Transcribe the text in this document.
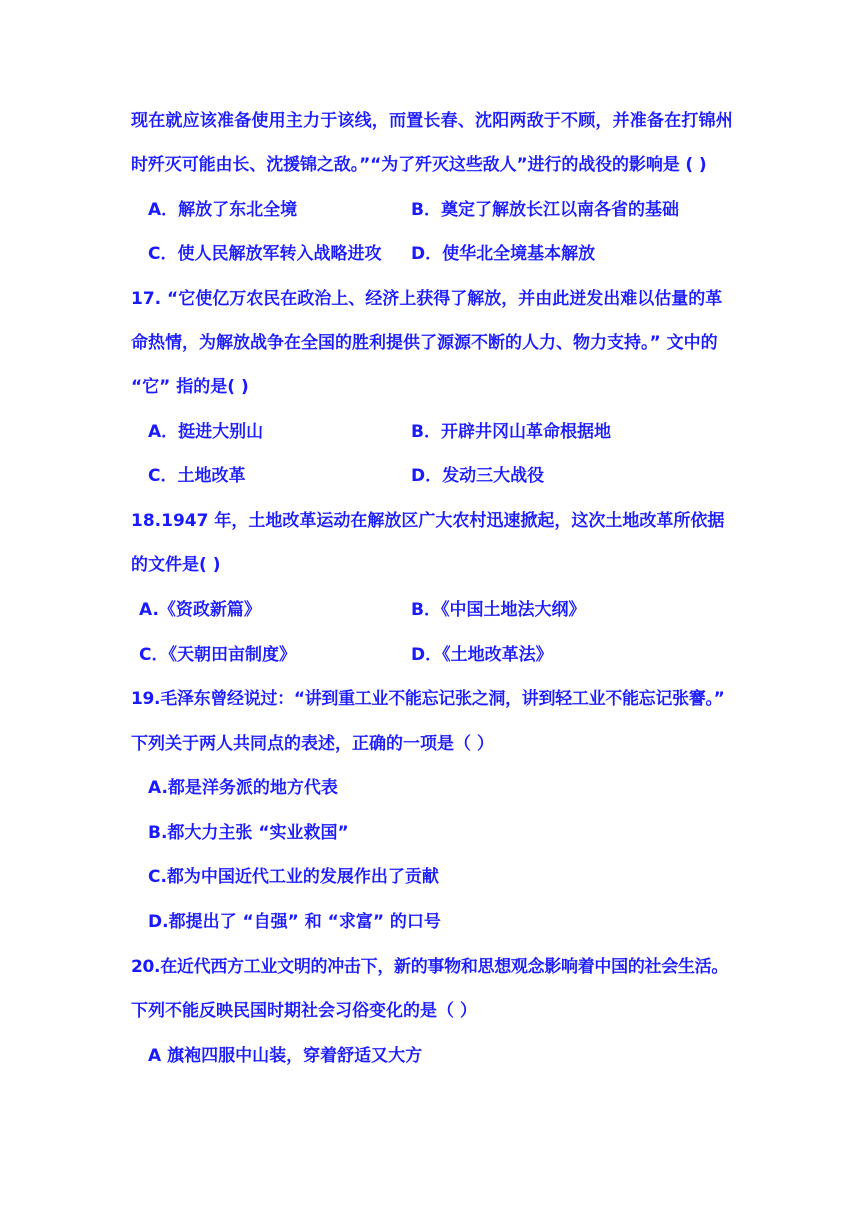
现在就应该准备使用主力于该线，而置长春、沈阳两敌于不顾，并准备在打锦州
时歼灭可能由长、沈援锦之敌。”“为了歼灭这些敌人”进行的战役的影响是 ( )
A．解放了东北全境	B．奠定了解放长江以南各省的基础
C．使人民解放军转入战略进攻 D．使华北全境基本解放
17. “它使亿万农民在政治上、经济上获得了解放，并由此迸发出难以估量的革
命热情，为解放战争在全国的胜利提供了源源不断的人力、物力支持。” 文中的
“它” 指的是( )
A．挺进大别山	B．开辟井冈山革命根据地
C．土地改革	D．发动三大战役
18.1947 年，土地改革运动在解放区广大农村迅速掀起，这次土地改革所依据
的文件是( )
A.《资政新篇》	B．《中国土地法大纲》
C．《天朝田亩制度》	D．《土地改革法》
19.毛泽东曾经说过：“讲到重工业不能忘记张之洞，讲到轻工业不能忘记张謇。”
下列关于两人共同点的表述，正确的一项是（ ）
A.都是洋务派的地方代表
B.都大力主张 “实业救国”
C.都为中国近代工业的发展作出了贡献
D.都提出了 “自强” 和 “求富” 的口号
20.在近代西方工业文明的冲击下，新的事物和思想观念影响着中国的社会生活。
下列不能反映民国时期社会习俗变化的是（ ）
A 旗袍四服中山装，穿着舒适又大方
